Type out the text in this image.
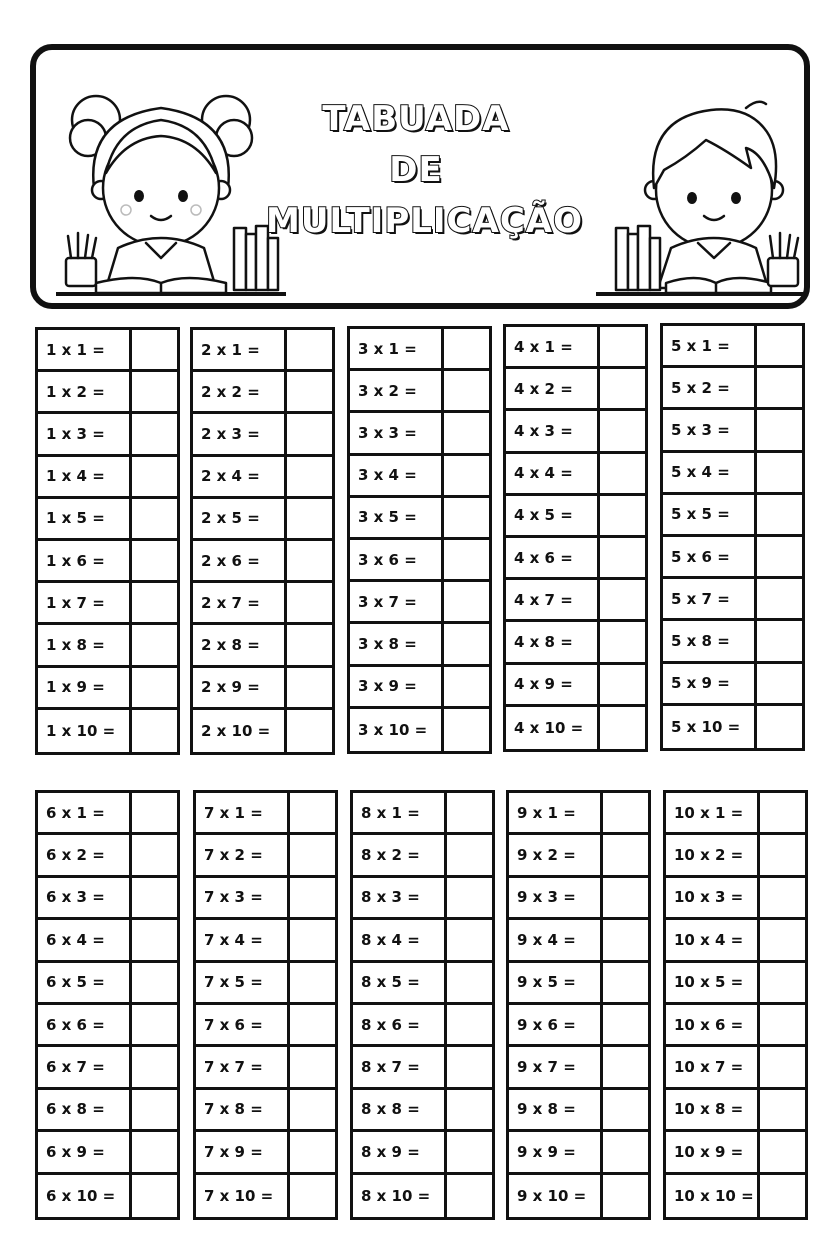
TABUADA
DE
MULTIPLICAÇÃO
1 x 1 =
1 x 2 =
1 x 3 =
1 x 4 =
1 x 5 =
1 x 6 =
1 x 7 =
1 x 8 =
1 x 9 =
1 x 10 =
2 x 1 =
2 x 2 =
2 x 3 =
2 x 4 =
2 x 5 =
2 x 6 =
2 x 7 =
2 x 8 =
2 x 9 =
2 x 10 =
3 x 1 =
3 x 2 =
3 x 3 =
3 x 4 =
3 x 5 =
3 x 6 =
3 x 7 =
3 x 8 =
3 x 9 =
3 x 10 =
4 x 1 =
4 x 2 =
4 x 3 =
4 x 4 =
4 x 5 =
4 x 6 =
4 x 7 =
4 x 8 =
4 x 9 =
4 x 10 =
5 x 1 =
5 x 2 =
5 x 3 =
5 x 4 =
5 x 5 =
5 x 6 =
5 x 7 =
5 x 8 =
5 x 9 =
5 x 10 =
6 x 1 =
6 x 2 =
6 x 3 =
6 x 4 =
6 x 5 =
6 x 6 =
6 x 7 =
6 x 8 =
6 x 9 =
6 x 10 =
7 x 1 =
7 x 2 =
7 x 3 =
7 x 4 =
7 x 5 =
7 x 6 =
7 x 7 =
7 x 8 =
7 x 9 =
7 x 10 =
8 x 1 =
8 x 2 =
8 x 3 =
8 x 4 =
8 x 5 =
8 x 6 =
8 x 7 =
8 x 8 =
8 x 9 =
8 x 10 =
9 x 1 =
9 x 2 =
9 x 3 =
9 x 4 =
9 x 5 =
9 x 6 =
9 x 7 =
9 x 8 =
9 x 9 =
9 x 10 =
10 x 1 =
10 x 2 =
10 x 3 =
10 x 4 =
10 x 5 =
10 x 6 =
10 x 7 =
10 x 8 =
10 x 9 =
10 x 10 =
